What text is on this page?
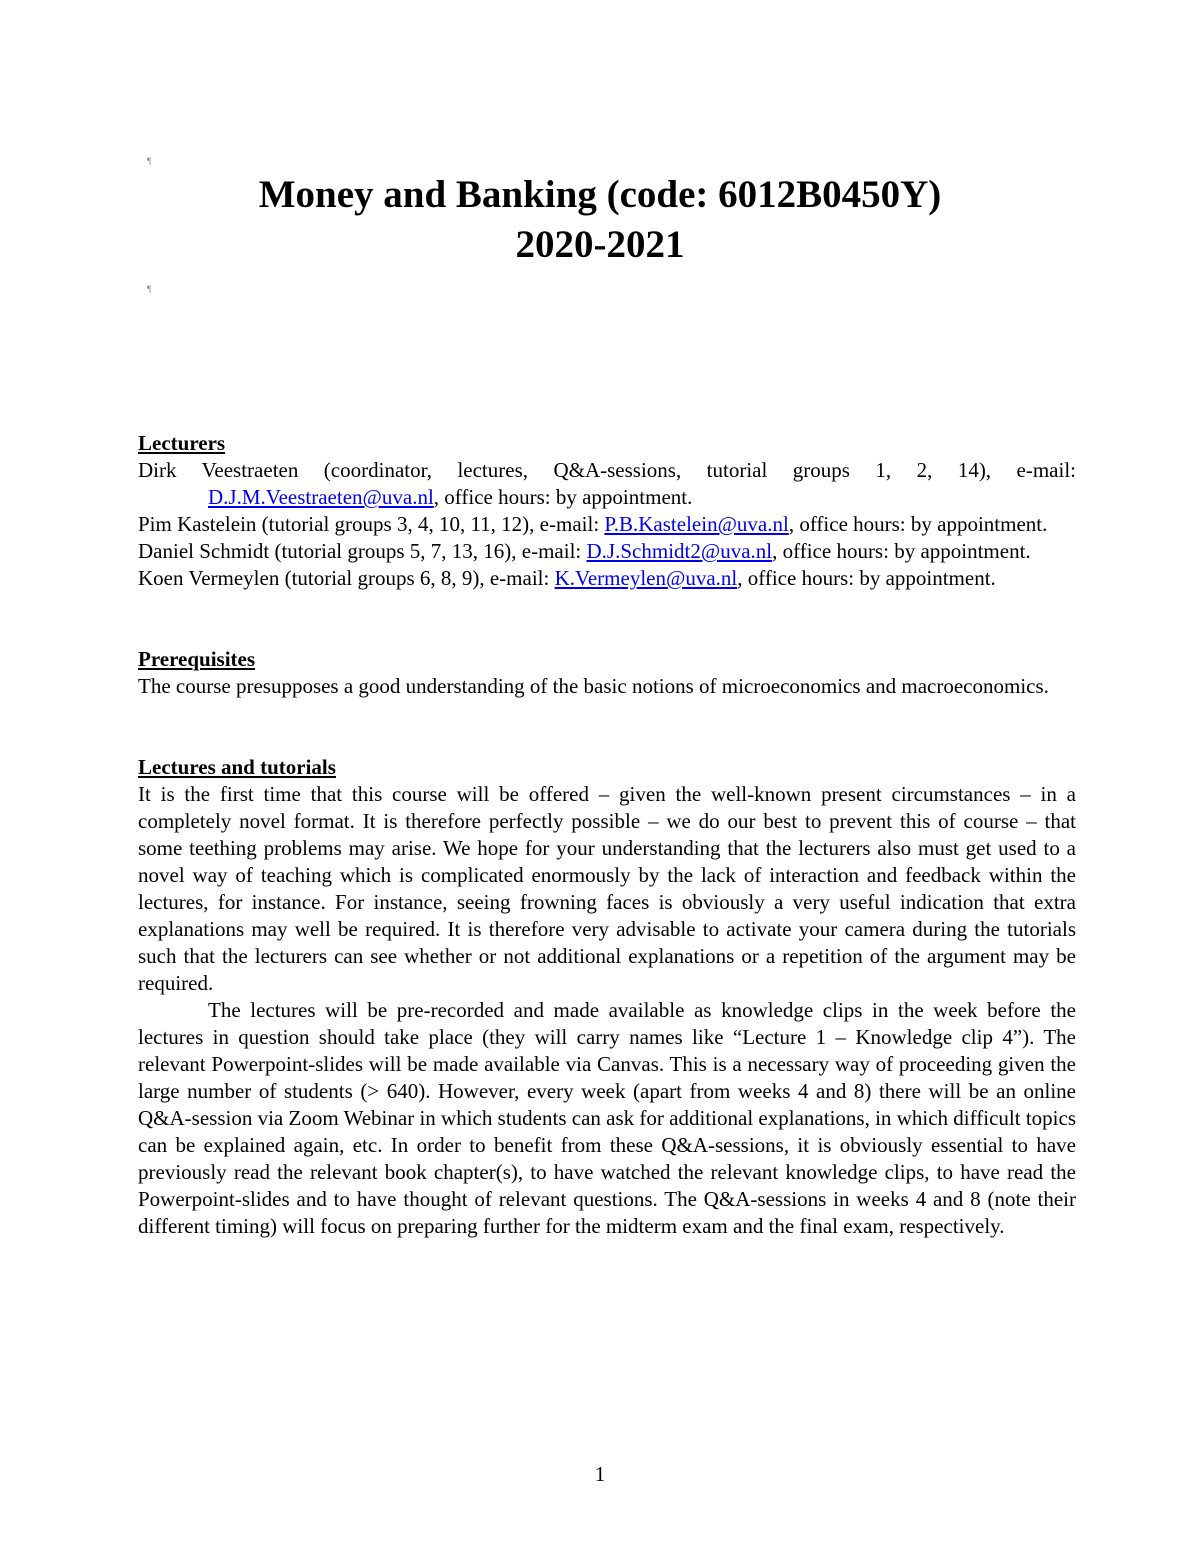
¶
Money and Banking (code: 6012B0450Y)
2020-2021
¶

Lecturers

Dirk Veestraeten (coordinator, lectures, Q&A-sessions, tutorial groups 1, 2, 14), e-mail: D.J.M.Veestraeten@uva.nl, office hours: by appointment.

Pim Kastelein (tutorial groups 3, 4, 10, 11, 12), e-mail: P.B.Kastelein@uva.nl, office hours: by appointment.

Daniel Schmidt (tutorial groups 5, 7, 13, 16), e-mail: D.J.Schmidt2@uva.nl, office hours: by appointment.

Koen Vermeylen (tutorial groups 6, 8, 9), e-mail: K.Vermeylen@uva.nl, office hours: by appointment.

Prerequisites

The course presupposes a good understanding of the basic notions of microeconomics and macroeconomics.

Lectures and tutorials

It is the first time that this course will be offered – given the well-known present circumstances – in a completely novel format. It is therefore perfectly possible – we do our best to prevent this of course – that some teething problems may arise. We hope for your understanding that the lecturers also must get used to a novel way of teaching which is complicated enormously by the lack of interaction and feedback within the lectures, for instance. For instance, seeing frowning faces is obviously a very useful indication that extra explanations may well be required. It is therefore very advisable to activate your camera during the tutorials such that the lecturers can see whether or not additional explanations or a repetition of the argument may be required.

The lectures will be pre-recorded and made available as knowledge clips in the week before the lectures in question should take place (they will carry names like “Lecture 1 – Knowledge clip 4”). The relevant Powerpoint-slides will be made available via Canvas. This is a necessary way of proceeding given the large number of students (> 640). However, every week (apart from weeks 4 and 8) there will be an online Q&A-session via Zoom Webinar in which students can ask for additional explanations, in which difficult topics can be explained again, etc. In order to benefit from these Q&A-sessions, it is obviously essential to have previously read the relevant book chapter(s), to have watched the relevant knowledge clips, to have read the Powerpoint-slides and to have thought of relevant questions. The Q&A-sessions in weeks 4 and 8 (note their different timing) will focus on preparing further for the midterm exam and the final exam, respectively.

1
